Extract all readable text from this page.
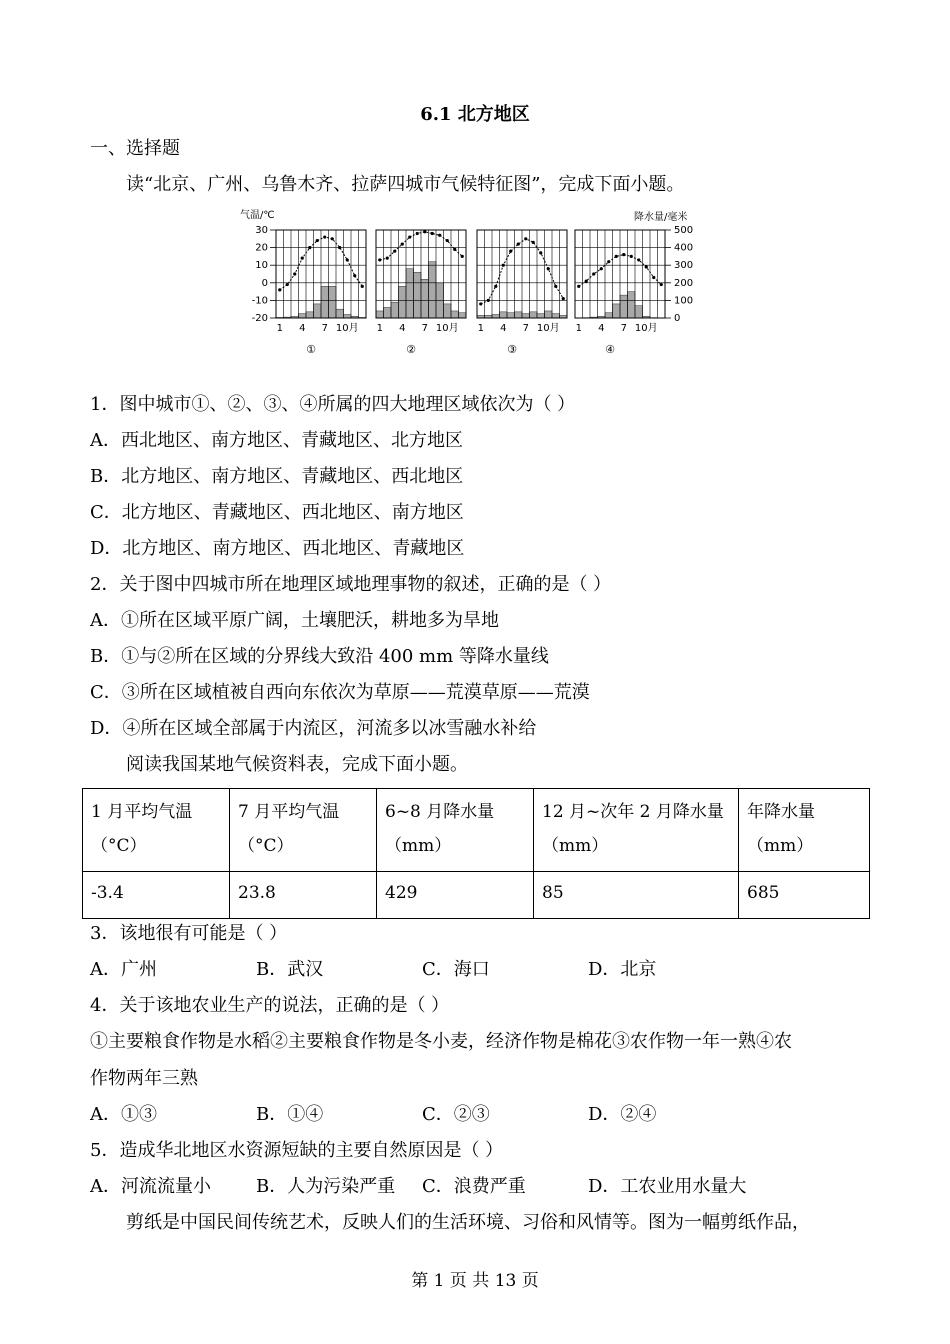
6.1 北方地区
一、选择题
读“北京、广州、乌鲁木齐、拉萨四城市气候特征图”，完成下面小题。
气温/℃	降水量/毫米
30
20
10
0
-10
-20
500
400
300
200
100
0
1 4 7 10月
①
1 4 7 10月
②
1 4 7 10月
③
1 4 7 10月
④
1．图中城市①、②、③、④所属的四大地理区域依次为（ ）
A．西北地区、南方地区、青藏地区、北方地区
B．北方地区、南方地区、青藏地区、西北地区
C．北方地区、青藏地区、西北地区、南方地区
D．北方地区、南方地区、西北地区、青藏地区
2．关于图中四城市所在地理区域地理事物的叙述，正确的是（ ）
A．①所在区域平原广阔，土壤肥沃，耕地多为旱地
B．①与②所在区域的分界线大致沿 400 mm 等降水量线
C．③所在区域植被自西向东依次为草原——荒漠草原——荒漠
D．④所在区域全部属于内流区，河流多以冰雪融水补给
阅读我国某地气候资料表，完成下面小题。
1 月平均气温
（°C）	7 月平均气温
（°C）	6~8 月降水量
（mm）	12 月~次年 2 月降水量
（mm）	年降水量
（mm）
-3.4	23.8	429	85	685
3．该地很有可能是（ ）
A．广州	B．武汉	C．海口	D．北京
4．关于该地农业生产的说法，正确的是（ ）
①主要粮食作物是水稻②主要粮食作物是冬小麦，经济作物是棉花③农作物一年一熟④农
作物两年三熟
A．①③	B．①④	C．②③	D．②④
5．造成华北地区水资源短缺的主要自然原因是（ ）
A．河流流量小	B．人为污染严重 C．浪费严重	D．工农业用水量大
剪纸是中国民间传统艺术，反映人们的生活环境、习俗和风情等。图为一幅剪纸作品，
第 1 页 共 13 页
